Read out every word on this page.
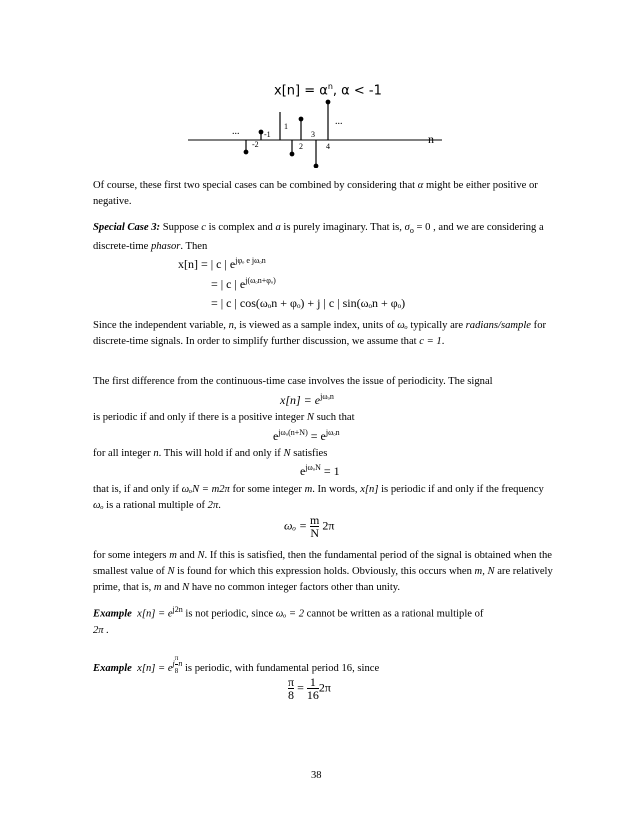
$x[n] = \alpha^n$, α < -1
...
...
n
-2
-1
1
2
3
4
Of course, these first two special cases can be combined by considering that α might be either positive or negative.
Special Case 3: Suppose c is complex and a is purely imaginary. That is, $\sigma_o = 0$ , and we are considering a discrete-time phasor. Then
x[n] = | c | $e^{j\varphi_o e j\omega_on}$
= | c | $e^{j(\omega_on+\varphi_o)}$
= | c | cos(ωₒn + φₒ) + j | c | sin(ωₒn + φₒ)
Since the independent variable, n, is viewed as a sample index, units of ωₒ typically are radians/sample for discrete-time signals. In order to simplify further discussion, we assume that c = 1.
The first difference from the continuous-time case involves the issue of periodicity. The signal
$x[n] = e^{j\omega_on}$
is periodic if and only if there is a positive integer N such that
$e^{j\omega_o(n+N)} = e^{j\omega_on}$
for all integer n. This will hold if and only if N satisfies
$e^{j\omega_oN} = 1$
that is, if and only if ωₒN = m2π for some integer m. In words, x[n] is periodic if and only if the frequency ωₒ is a rational multiple of 2π.
$\omega_o = \frac{m}{N} 2\pi$
for some integers m and N. If this is satisfied, then the fundamental period of the signal is obtained when the smallest value of N is found for which this expression holds. Obviously, this occurs when m, N are relatively prime, that is, m and N have no common integer factors other than unity.
Example $x[n] = e^{j2n}$ is not periodic, since ωₒ = 2 cannot be written as a rational multiple of
2π .
Example $x[n] = e^{j \frac{\pi}{8} n}$ is periodic, with fundamental period 16, since
$\frac{\pi}{8} = \frac{1}{16} 2\pi$
38
